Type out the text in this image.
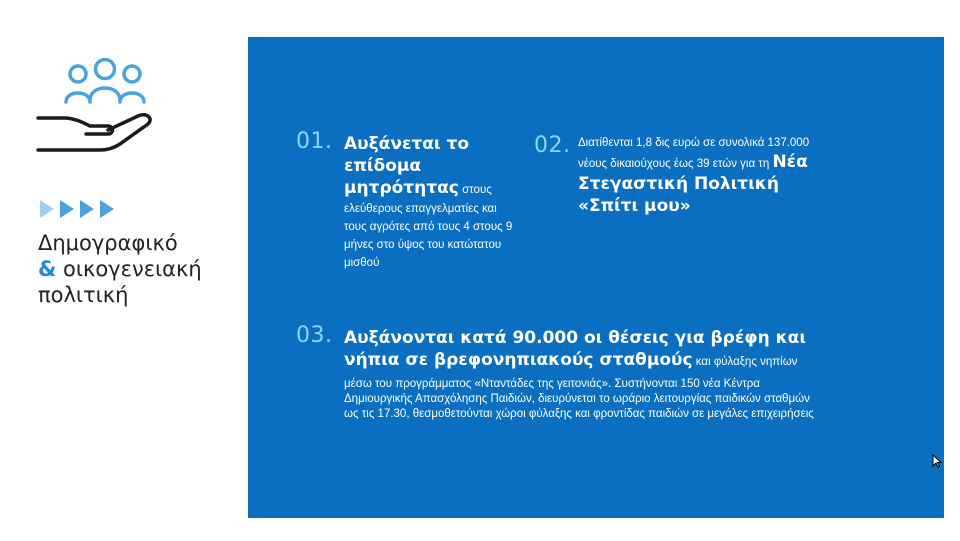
Δημογραφικό
& οικογενειακή
πολιτική
01. Αυξάνεται το επίδομα μητρότητας στους ελεύθερους επαγγελματίες και τους αγρότες από τους 4 στους 9 μήνες στο ύψος του κατώτατου μισθού
02. Διατίθενται 1,8 δις ευρώ σε συνολικά 137.000 νέους δικαιούχους έως 39 ετών για τη Νέα Στεγαστική Πολιτική «Σπίτι μου»
03. Αυξάνονται κατά 90.000 οι θέσεις για βρέφη και νήπια σε βρεφονηπιακούς σταθμούς και φύλαξης νηπίων
μέσω του προγράμματος «Νταντάδες της γειτονιάς». Συστήνονται 150 νέα Κέντρα Δημιουργικής Απασχόλησης Παιδιών, διευρύνεται το ωράριο λειτουργίας παιδικών σταθμών ως τις 17.30, θεσμοθετούνται χώροι φύλαξης και φροντίδας παιδιών σε μεγάλες επιχειρήσεις
